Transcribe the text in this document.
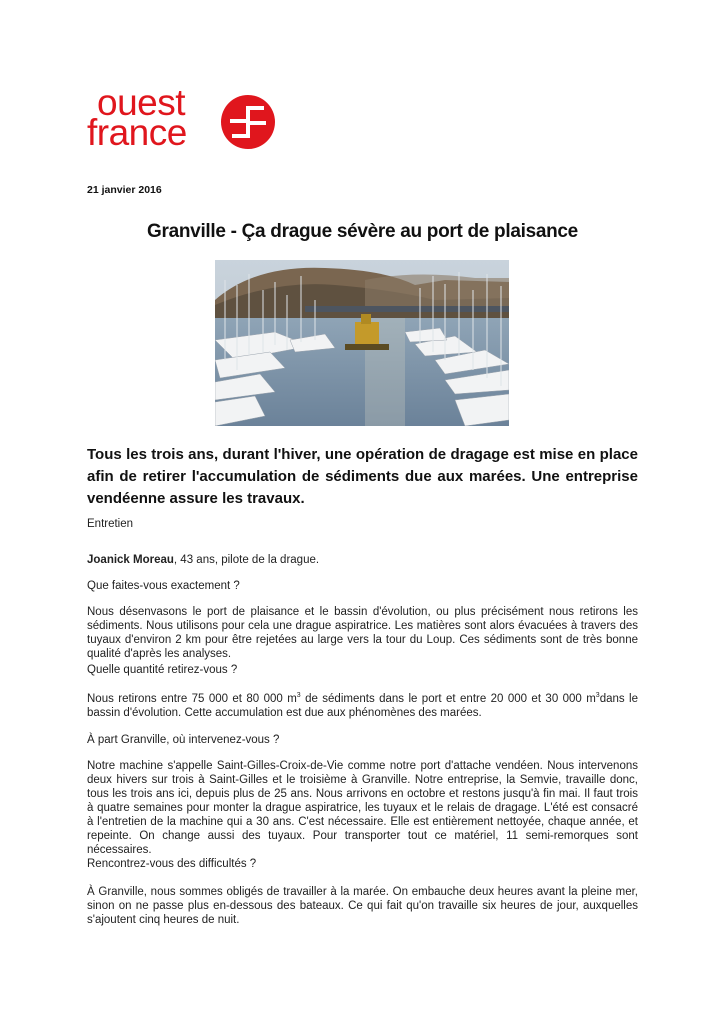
ouest
france
21 janvier 2016
Granville - Ça drague sévère au port de plaisance
Tous les trois ans, durant l'hiver, une opération de dragage est mise en place afin de retirer l'accumulation de sédiments due aux marées. Une entreprise vendéenne assure les travaux.

Entretien

Joanick Moreau, 43 ans, pilote de la drague.

Que faites-vous exactement ?

Nous désenvasons le port de plaisance et le bassin d'évolution, ou plus précisément nous retirons les sédiments. Nous utilisons pour cela une drague aspiratrice. Les matières sont alors évacuées à travers des tuyaux d'environ 2 km pour être rejetées au large vers la tour du Loup. Ces sédiments sont de très bonne qualité d'après les analyses.

Quelle quantité retirez-vous ?

Nous retirons entre 75 000 et 80 000 $m^3$ de sédiments dans le port et entre 20 000 et 30 000 $m^3dans$ le bassin d'évolution. Cette accumulation est due aux phénomènes des marées.

À part Granville, où intervenez-vous ?

Notre machine s'appelle Saint-Gilles-Croix-de-Vie comme notre port d'attache vendéen. Nous intervenons deux hivers sur trois à Saint-Gilles et le troisième à Granville. Notre entreprise, la Semvie, travaille donc, tous les trois ans ici, depuis plus de 25 ans. Nous arrivons en octobre et restons jusqu'à fin mai. Il faut trois à quatre semaines pour monter la drague aspiratrice, les tuyaux et le relais de dragage. L'été est consacré à l'entretien de la machine qui a 30 ans. C'est nécessaire. Elle est entièrement nettoyée, chaque année, et repeinte. On change aussi des tuyaux. Pour transporter tout ce matériel, 11 semi-remorques sont nécessaires.

Rencontrez-vous des difficultés ?

À Granville, nous sommes obligés de travailler à la marée. On embauche deux heures avant la pleine mer, sinon on ne passe plus en-dessous des bateaux. Ce qui fait qu'on travaille six heures de jour, auxquelles s'ajoutent cinq heures de nuit.
